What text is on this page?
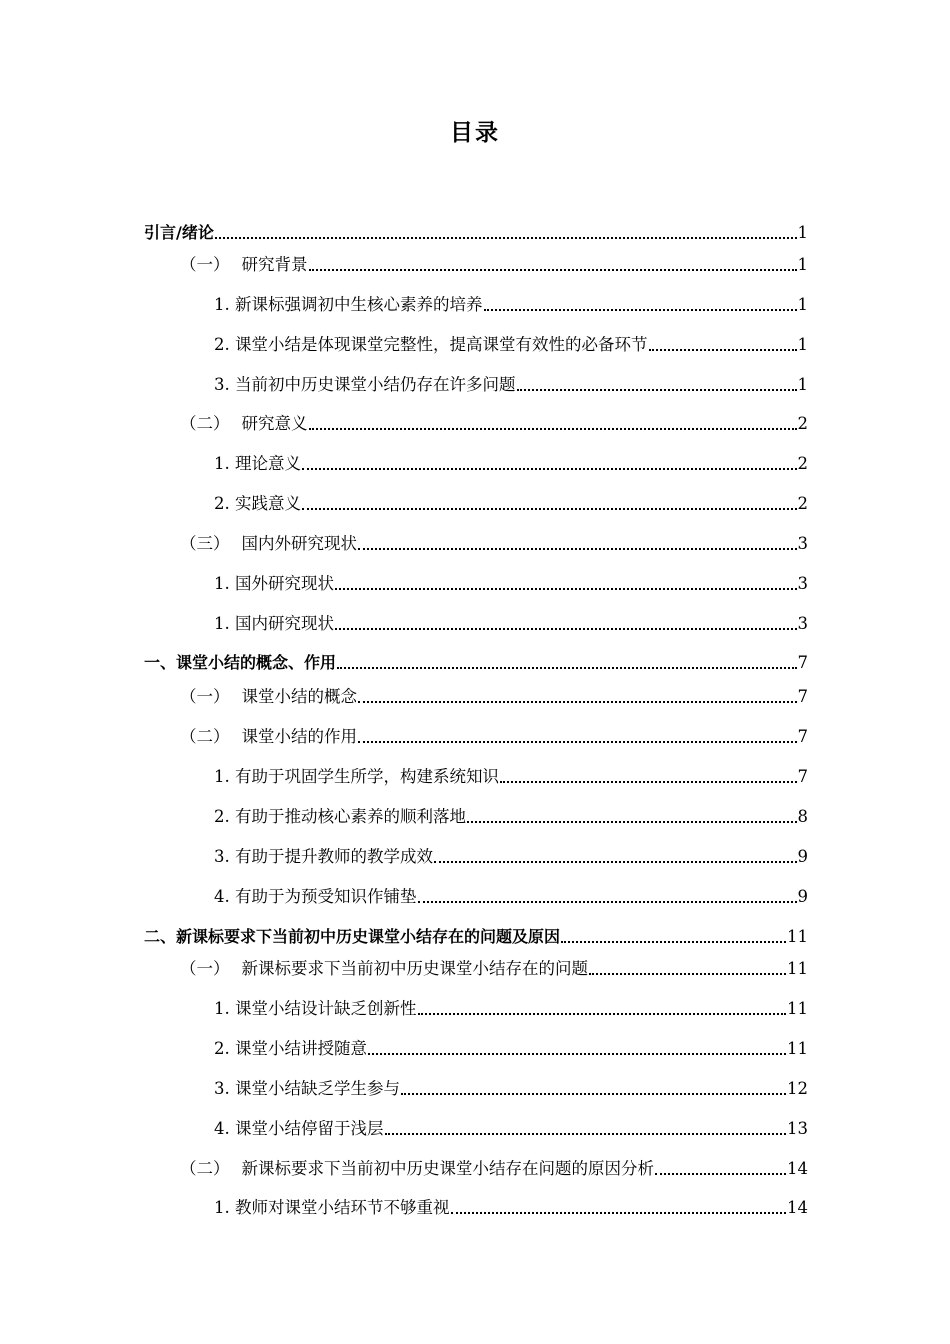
目录
引言/绪论	1
（一） 研究背景	1
1. 新课标强调初中生核心素养的培养	1
2. 课堂小结是体现课堂完整性，提高课堂有效性的必备环节	1
3. 当前初中历史课堂小结仍存在许多问题	1
（二） 研究意义	2
1. 理论意义	2
2. 实践意义	2
（三） 国内外研究现状	3
1. 国外研究现状	3
1. 国内研究现状	3
一、课堂小结的概念、作用	7
（一） 课堂小结的概念	7
（二） 课堂小结的作用	7
1. 有助于巩固学生所学，构建系统知识	7
2. 有助于推动核心素养的顺利落地	8
3. 有助于提升教师的教学成效	9
4. 有助于为预受知识作铺垫	9
二、新课标要求下当前初中历史课堂小结存在的问题及原因	11
（一） 新课标要求下当前初中历史课堂小结存在的问题	11
1. 课堂小结设计缺乏创新性	11
2. 课堂小结讲授随意	11
3. 课堂小结缺乏学生参与	12
4. 课堂小结停留于浅层	13
（二） 新课标要求下当前初中历史课堂小结存在问题的原因分析	14
1. 教师对课堂小结环节不够重视	14
